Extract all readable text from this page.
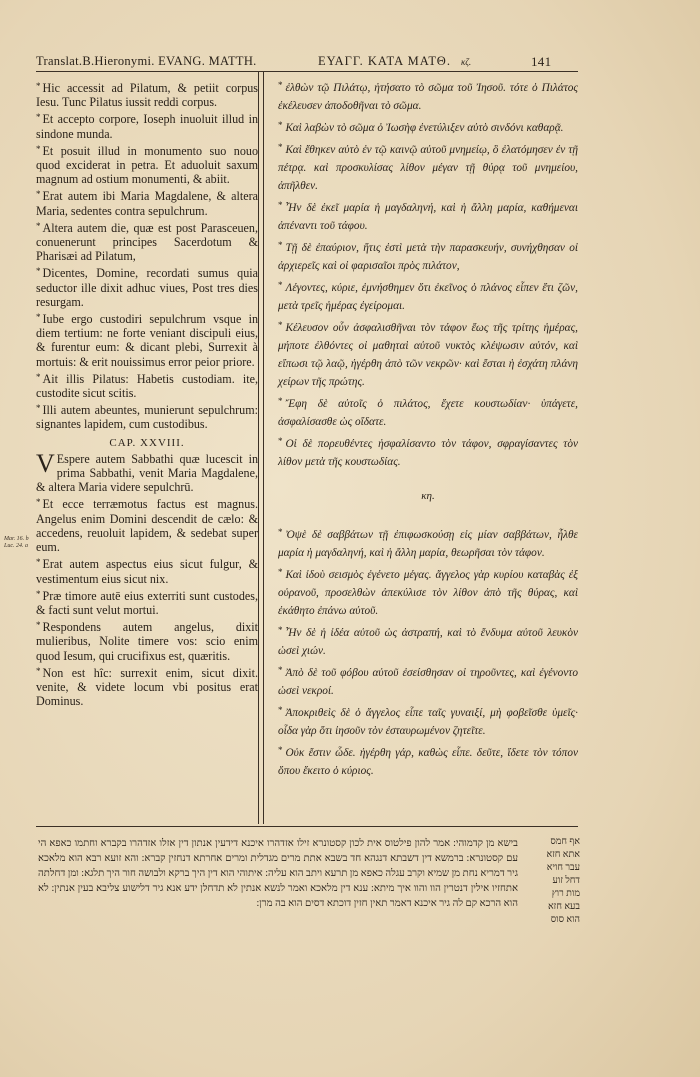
Translat.B.Hieronymi. EVANG. MATTH.	ΕΥΑΓΓ. ΚΑΤΑ ΜΑΤΘ. κζ.	141
Mar. 16. b Luc. 24. a

* Hic accessit ad Pilatum, & petiit corpus Iesu. Tunc Pilatus iussit reddi corpus.

* Et accepto corpore, Ioseph inuoluit illud in sindone munda.

* Et posuit illud in monumento suo nouo quod exciderat in petra. Et aduoluit saxum magnum ad ostium monumenti, & abiit.

* Erat autem ibi Maria Magdalene, & altera Maria, sedentes contra sepulchrum.

* Altera autem die, quæ est post Parasceuen, conuenerunt principes Sacerdotum & Pharisæi ad Pilatum,

* Dicentes, Domine, recordati sumus quia seductor ille dixit adhuc viues, Post tres dies resurgam.

* Iube ergo custodiri sepulchrum vsque in diem tertium: ne forte veniant discipuli eius, & furentur eum: & dicant plebi, Surrexit à mortuis: & erit nouissimus error peior priore.

* Ait illis Pilatus: Habetis custodiam. ite, custodite sicut scitis.

* Illi autem abeuntes, munierunt sepulchrum: signantes lapidem, cum custodibus.

CAP. XXVIII.

VEspere autem Sabbathi quæ lucescit in prima Sabbathi, venit Maria Magdalene, & altera Maria videre sepulchrū.

* Et ecce terræmotus factus est magnus. Angelus enim Domini descendit de cælo: & accedens, reuoluit lapidem, & sedebat super eum.

* Erat autem aspectus eius sicut fulgur, & vestimentum eius sicut nix.

* Præ timore autē eius exterriti sunt custodes, & facti sunt velut mortui.

* Respondens autem angelus, dixit mulieribus, Nolite timere vos: scio enim quod Iesum, qui crucifixus est, quæritis.

* Non est hîc: surrexit enim, sicut dixit. venite, & videte locum vbi positus erat Dominus.

* ἐλθὼν τῷ Πιλάτῳ, ἠτήσατο τὸ σῶμα τοῦ Ἰησοῦ. τότε ὁ Πιλάτος ἐκέλευσεν ἀποδοθῆναι τὸ σῶμα.

* Καὶ λαβὼν τὸ σῶμα ὁ Ἰωσὴφ ἐνετύλιξεν αὐτὸ σινδόνι καθαρᾷ.

* Καὶ ἔθηκεν αὐτὸ ἐν τῷ καινῷ αὐτοῦ μνημείῳ, ὃ ἐλατόμησεν ἐν τῇ πέτρᾳ. καὶ προσκυλίσας λίθον μέγαν τῇ θύρᾳ τοῦ μνημείου, ἀπῆλθεν.

* Ἦν δὲ ἐκεῖ μαρία ἡ μαγδαληνή, καὶ ἡ ἄλλη μαρία, καθήμεναι ἀπέναντι τοῦ τάφου.

* Τῇ δὲ ἐπαύριον, ἥτις ἐστὶ μετὰ τὴν παρασκευήν, συνήχθησαν οἱ ἀρχιερεῖς καὶ οἱ φαρισαῖοι πρὸς πιλάτον,

* Λέγοντες, κύριε, ἐμνήσθημεν ὅτι ἐκεῖνος ὁ πλάνος εἶπεν ἔτι ζῶν, μετὰ τρεῖς ἡμέρας ἐγείρομαι.

* Κέλευσον οὖν ἀσφαλισθῆναι τὸν τάφον ἕως τῆς τρίτης ἡμέρας, μήποτε ἐλθόντες οἱ μαθηταὶ αὐτοῦ νυκτὸς κλέψωσιν αὐτόν, καὶ εἴπωσι τῷ λαῷ, ἠγέρθη ἀπὸ τῶν νεκρῶν· καὶ ἔσται ἡ ἐσχάτη πλάνη χείρων τῆς πρώτης.

* Ἔφη δὲ αὐτοῖς ὁ πιλάτος, ἔχετε κουστωδίαν· ὑπάγετε, ἀσφαλίσασθε ὡς οἴδατε.

* Οἱ δὲ πορευθέντες ἠσφαλίσαντο τὸν τάφον, σφραγίσαντες τὸν λίθον μετὰ τῆς κουστωδίας.

κη.

* Ὀψὲ δὲ σαββάτων τῇ ἐπιφωσκούσῃ εἰς μίαν σαββάτων, ἦλθε μαρία ἡ μαγδαληνή, καὶ ἡ ἄλλη μαρία, θεωρῆσαι τὸν τάφον.

* Καὶ ἰδοὺ σεισμὸς ἐγένετο μέγας. ἄγγελος γὰρ κυρίου καταβὰς ἐξ οὐρανοῦ, προσελθὼν ἀπεκύλισε τὸν λίθον ἀπὸ τῆς θύρας, καὶ ἐκάθητο ἐπάνω αὐτοῦ.

* Ἦν δὲ ἡ ἰδέα αὐτοῦ ὡς ἀστραπή, καὶ τὸ ἔνδυμα αὐτοῦ λευκὸν ὡσεὶ χιών.

* Ἀπὸ δὲ τοῦ φόβου αὐτοῦ ἐσείσθησαν οἱ τηροῦντες, καὶ ἐγένοντο ὡσεὶ νεκροί.

* Ἀποκριθεὶς δὲ ὁ ἄγγελος εἶπε ταῖς γυναιξί, μὴ φοβεῖσθε ὑμεῖς· οἶδα γὰρ ὅτι ἰησοῦν τὸν ἐσταυρωμένον ζητεῖτε.

* Οὐκ ἔστιν ὧδε. ἠγέρθη γάρ, καθὼς εἶπε. δεῦτε, ἴδετε τὸν τόπον ὅπου ἔκειτο ὁ κύριος.

בישא מן קדמוהי: אמר להון פילטוס אית לכון קסטונרא זילו אזדהרו איכנא דידעין אנתון דין אזלו אזדהרו בקברא וחתמו כאפא הי עם קסטונרא: ברמשא דין דשבתא דנגהא חד בשבא אתת מרים מגדלית ומרים אחרתא דנחזין קברא: והא זועא רבא הוא מלאכא גיר דמריא נחת מן שמיא וקרב עגלה כאפא מן תרעא ויתב הוא עליה: איתוהי הוא דין היך ברקא ולבושה חור היך תלגא: ומן דחלתה אתחזיו אילין דנטרין הוו והוו איך מיתא: ענא דין מלאכא ואמר לנשא אנתין לא תדחלן ידע אנא גיר דלישוע צליבא בעין אנתין: לא הוא הרכא קם לה גיר איכנא דאמר תאין חזין דוכתא דסים הוא בה מרן:
אף חמס
אתא חזא
עבר חויא
דחל זוע
מות רוץ
בעא חזא
הוא סוס
